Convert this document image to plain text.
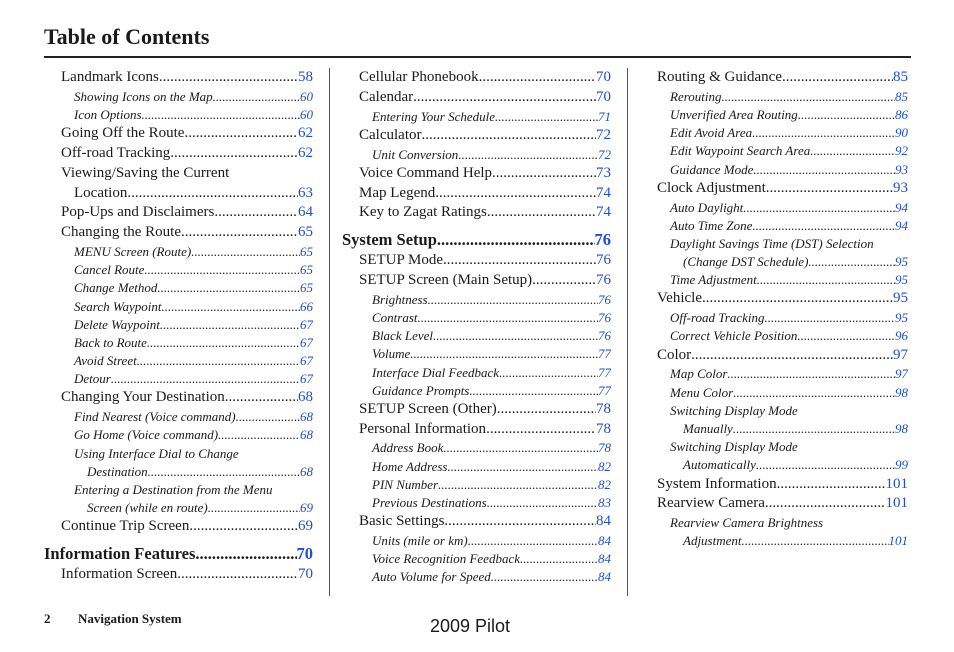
Table of Contents
Landmark Icons .....	58
Showing Icons on the Map .....	60
Icon Options .....	60
Going Off the Route .....	62
Off-road Tracking .....	62
Viewing/Saving the Current
Location .....	63
Pop-Ups and Disclaimers .....	64
Changing the Route .....	65
MENU Screen (Route) .....	65
Cancel Route .....	65
Change Method .....	65
Search Waypoint .....	66
Delete Waypoint .....	67
Back to Route .....	67
Avoid Street .....	67
Detour .....	67
Changing Your Destination .....	68
Find Nearest (Voice command) .....	68
Go Home (Voice command) .....	68
Using Interface Dial to Change
Destination .....	68
Entering a Destination from the Menu
Screen (while en route) .....	69
Continue Trip Screen .....	69
Information Features .....	70
Information Screen .....	70
Cellular Phonebook .....	70
Calendar .....	70
Entering Your Schedule .....	71
Calculator .....	72
Unit Conversion .....	72
Voice Command Help .....	73
Map Legend .....	74
Key to Zagat Ratings .....	74
System Setup .....	76
SETUP Mode .....	76
SETUP Screen (Main Setup) .....	76
Brightness .....	76
Contrast .....	76
Black Level .....	76
Volume .....	77
Interface Dial Feedback .....	77
Guidance Prompts .....	77
SETUP Screen (Other) .....	78
Personal Information .....	78
Address Book .....	78
Home Address .....	82
PIN Number .....	82
Previous Destinations .....	83
Basic Settings .....	84
Units (mile or km) .....	84
Voice Recognition Feedback .....	84
Auto Volume for Speed .....	84
Routing & Guidance .....	85
Rerouting .....	85
Unverified Area Routing .....	86
Edit Avoid Area .....	90
Edit Waypoint Search Area .....	92
Guidance Mode .....	93
Clock Adjustment .....	93
Auto Daylight .....	94
Auto Time Zone .....	94
Daylight Savings Time (DST) Selection
(Change DST Schedule) .....	95
Time Adjustment .....	95
Vehicle .....	95
Off-road Tracking .....	95
Correct Vehicle Position .....	96
Color .....	97
Map Color .....	97
Menu Color .....	98
Switching Display Mode
Manually .....	98
Switching Display Mode
Automatically .....	99
System Information .....	101
Rearview Camera .....	101
Rearview Camera Brightness
Adjustment .....	101
2 Navigation System	2009 Pilot
